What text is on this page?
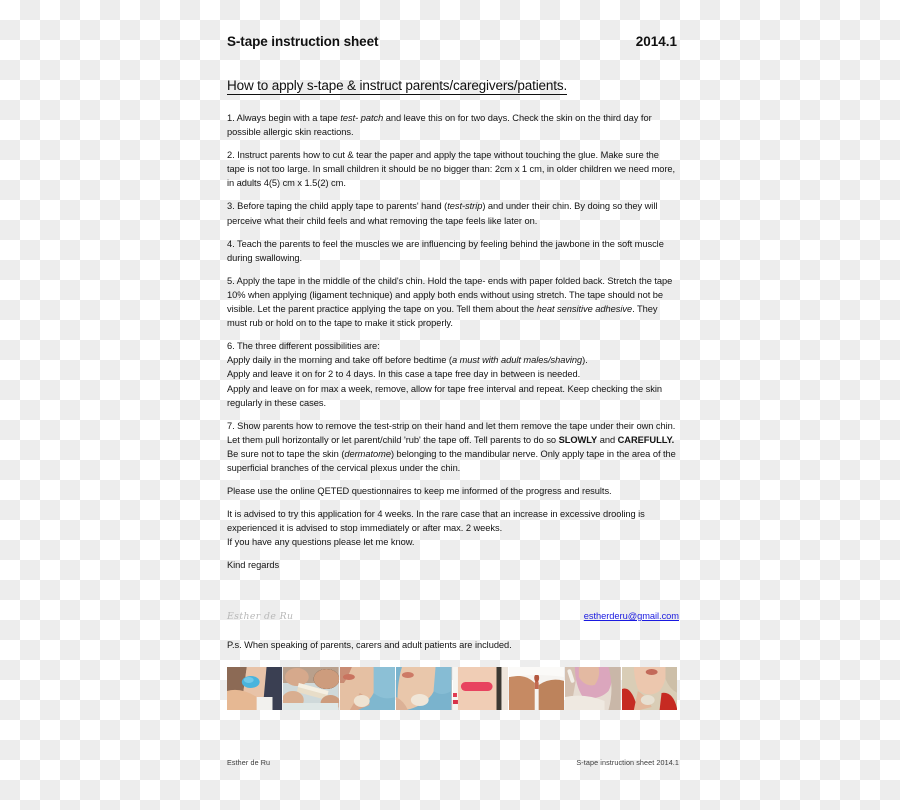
S-tape instruction sheet	2014.1
How to apply s-tape & instruct parents/caregivers/patients.

1. Always begin with a tape test- patch and leave this on for two days. Check the skin on the third day for possible allergic skin reactions.

2. Instruct parents how to cut & tear the paper and apply the tape without touching the glue. Make sure the tape is not too large. In small children it should be no bigger than: 2cm x 1 cm, in older children we need more, in adults 4(5) cm x 1.5(2) cm.

3. Before taping the child apply tape to parents' hand (test-strip) and under their chin. By doing so they will perceive what their child feels and what removing the tape feels like later on.

4. Teach the parents to feel the muscles we are influencing by feeling behind the jawbone in the soft muscle during swallowing.

5. Apply the tape in the middle of the child's chin. Hold the tape- ends with paper folded back. Stretch the tape 10% when applying (ligament technique) and apply both ends without using stretch. The tape should not be visible. Let the parent practice applying the tape on you. Tell them about the heat sensitive adhesive. They must rub or hold on to the tape to make it stick properly.

6. The three different possibilities are:

Apply daily in the morning and take off before bedtime (a must with adult males/shaving).

Apply and leave it on for 2 to 4 days. In this case a tape free day in between is needed.

Apply and leave on for max a week, remove, allow for tape free interval and repeat. Keep checking the skin regularly in these cases.

7. Show parents how to remove the test-strip on their hand and let them remove the tape under their own chin. Let them pull horizontally or let parent/child 'rub' the tape off. Tell parents to do so SLOWLY and CAREFULLY. Be sure not to tape the skin (dermatome) belonging to the mandibular nerve. Only apply tape in the area of the superficial branches of the cervical plexus under the chin.

Please use the online QETED questionnaires to keep me informed of the progress and results.

It is advised to try this application for 4 weeks. In the rare case that an increase in excessive drooling is experienced it is advised to stop immediately or after max. 2 weeks.

If you have any questions please let me know.

Kind regards

Esther de Ru	estherderu@gmail.com
P.s. When speaking of parents, carers and adult patients are included.
Esther de Ru	S-tape instruction sheet 2014.1
